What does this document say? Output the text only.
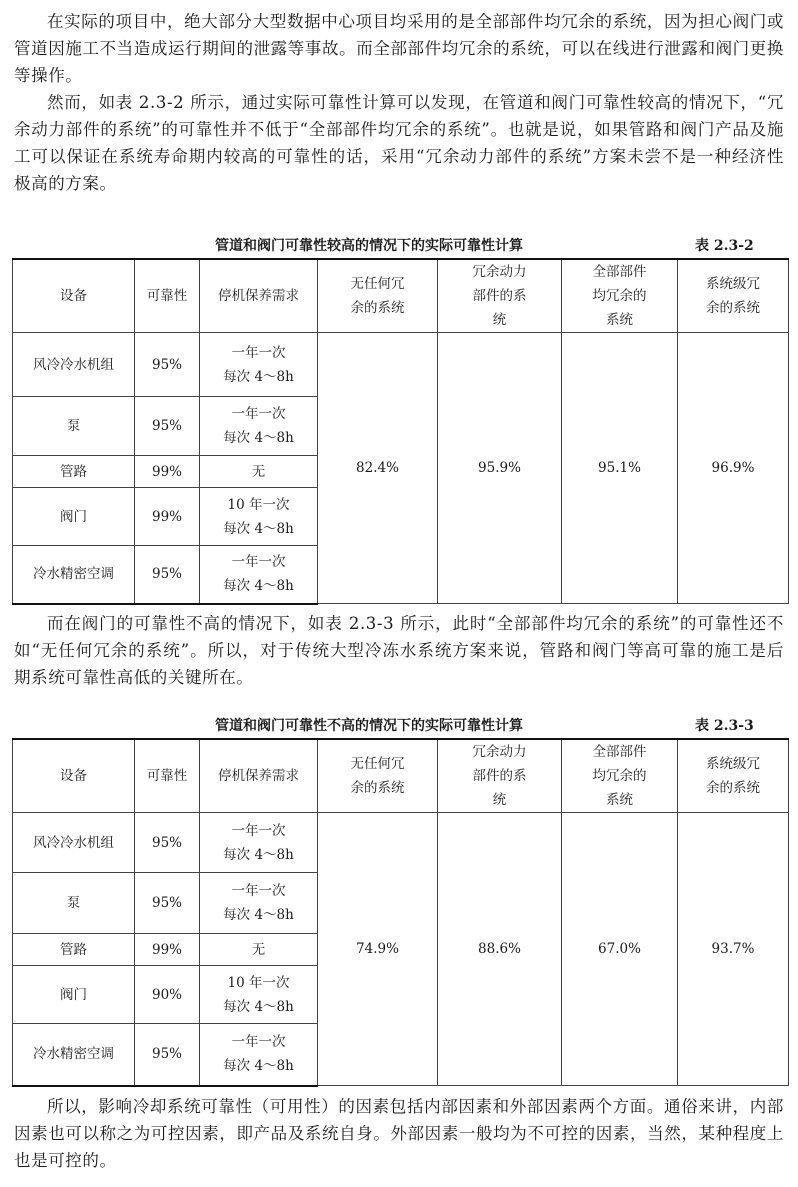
在实际的项目中，绝大部分大型数据中心项目均采用的是全部部件均冗余的系统，因为担心阀门或管道因施工不当造成运行期间的泄露等事故。而全部部件均冗余的系统，可以在线进行泄露和阀门更换等操作。

然而，如表 2.3-2 所示，通过实际可靠性计算可以发现，在管道和阀门可靠性较高的情况下，“冗余动力部件的系统”的可靠性并不低于“全部部件均冗余的系统”。也就是说，如果管路和阀门产品及施工可以保证在系统寿命期内较高的可靠性的话，采用“冗余动力部件的系统”方案未尝不是一种经济性极高的方案。

管道和阀门可靠性较高的情况下的实际可靠性计算	表 2.3-2
设备	可靠性	停机保养需求	无任何冗余的系统	冗余动力部件的系统	全部部件均冗余的系统	系统级冗余的系统
风冷冷水机组	95%	一年一次
每次 4～8h	82.4%	95.9%	95.1%	96.9%
泵	95%	一年一次
每次 4～8h				
管路	99%	无				
阀门	99%	10 年一次
每次 4～8h				
冷水精密空调	95%	一年一次
每次 4～8h				

而在阀门的可靠性不高的情况下，如表 2.3-3 所示，此时“全部部件均冗余的系统”的可靠性还不如“无任何冗余的系统”。所以，对于传统大型冷冻水系统方案来说，管路和阀门等高可靠的施工是后期系统可靠性高低的关键所在。

管道和阀门可靠性不高的情况下的实际可靠性计算	表 2.3-3
设备	可靠性	停机保养需求	无任何冗余的系统	冗余动力部件的系统	全部部件均冗余的系统	系统级冗余的系统
风冷冷水机组	95%	一年一次
每次 4～8h	74.9%	88.6%	67.0%	93.7%
泵	95%	一年一次
每次 4～8h				
管路	99%	无				
阀门	90%	10 年一次
每次 4～8h				
冷水精密空调	95%	一年一次
每次 4～8h				

所以，影响冷却系统可靠性（可用性）的因素包括内部因素和外部因素两个方面。通俗来讲，内部因素也可以称之为可控因素，即产品及系统自身。外部因素一般均为不可控的因素，当然，某种程度上也是可控的。
